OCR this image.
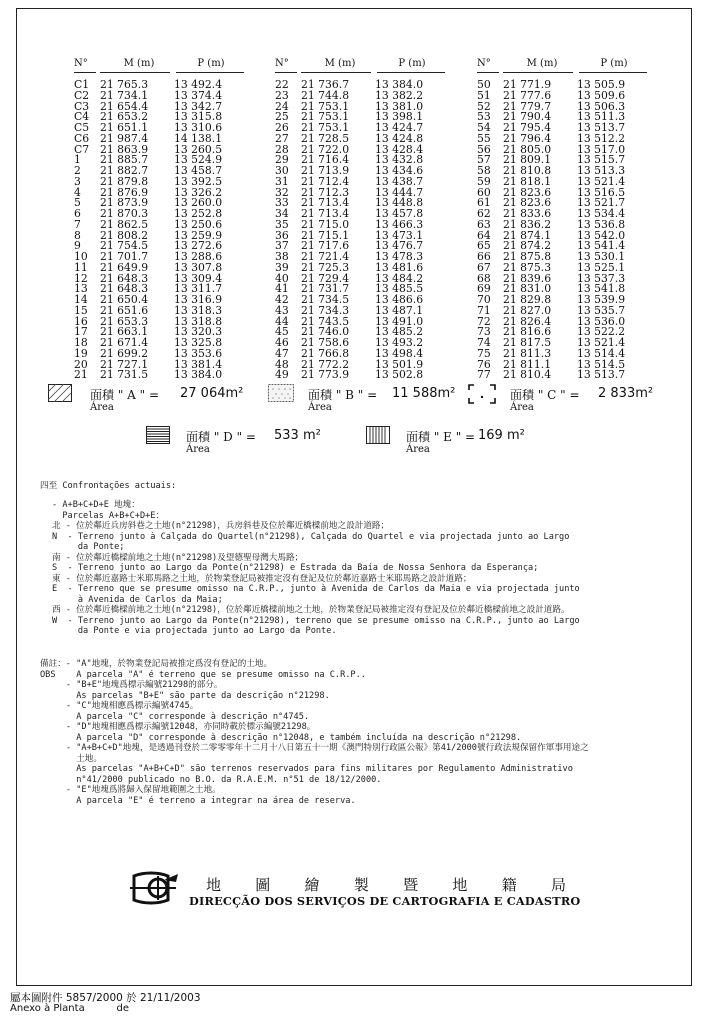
N°	M (m)	P (m)
C1	21 765.3	13 492.4
C2	21 734.1	13 374.4
C3	21 654.4	13 342.7
C4	21 653.2	13 315.8
C5	21 651.1	13 310.6
C6	21 987.4	14 138.1
C7	21 863.9	13 260.5
1	21 885.7	13 524.9
2	21 882.7	13 458.7
3	21 879.8	13 392.5
4	21 876.9	13 326.2
5	21 873.9	13 260.0
6	21 870.3	13 252.8
7	21 862.5	13 250.6
8	21 808.2	13 259.9
9	21 754.5	13 272.6
10	21 701.7	13 288.6
11	21 649.9	13 307.8
12	21 648.3	13 309.4
13	21 648.3	13 311.7
14	21 650.4	13 316.9
15	21 651.6	13 318.3
16	21 653.3	13 318.8
17	21 663.1	13 320.3
18	21 671.4	13 325.8
19	21 699.2	13 353.6
20	21 727.1	13 381.4
21	21 731.5	13 384.0
N°	M (m)	P (m)
22	21 736.7	13 384.0
23	21 744.8	13 382.2
24	21 753.1	13 381.0
25	21 753.1	13 398.1
26	21 753.1	13 424.7
27	21 728.5	13 424.8
28	21 722.0	13 428.4
29	21 716.4	13 432.8
30	21 713.9	13 434.6
31	21 712.4	13 438.7
32	21 712.3	13 444.7
33	21 713.4	13 448.8
34	21 713.4	13 457.8
35	21 715.0	13 466.3
36	21 715.1	13 473.1
37	21 717.6	13 476.7
38	21 721.4	13 478.3
39	21 725.3	13 481.6
40	21 729.4	13 484.2
41	21 731.7	13 485.5
42	21 734.5	13 486.6
43	21 734.3	13 487.1
44	21 743.5	13 491.0
45	21 746.0	13 485.2
46	21 758.6	13 493.2
47	21 766.8	13 498.4
48	21 772.2	13 501.9
49	21 773.9	13 502.8
N°	M (m)	P (m)
50	21 771.9	13 505.9
51	21 777.6	13 509.6
52	21 779.7	13 506.3
53	21 790.4	13 511.3
54	21 795.4	13 513.7
55	21 796.4	13 512.2
56	21 805.0	13 517.0
57	21 809.1	13 515.7
58	21 810.8	13 513.3
59	21 818.1	13 521.4
60	21 823.6	13 516.5
61	21 823.6	13 521.7
62	21 833.6	13 534.4
63	21 836.2	13 536.8
64	21 874.1	13 542.0
65	21 874.2	13 541.4
66	21 875.8	13 530.1
67	21 875.3	13 525.1
68	21 839.6	13 537.3
69	21 831.0	13 541.8
70	21 829.8	13 539.9
71	21 827.0	13 535.7
72	21 826.4	13 536.0
73	21 816.6	13 522.2
74	21 817.5	13 521.4
75	21 811.3	13 514.4
76	21 811.1	13 514.5
77	21 810.4	13 513.7
面積 " A " = 27 064m²
Área
面積 " B " = 11 588m²
Área
面積 " C " = 2 833m²
Área
面積 " D " = 533 m²
Área
面積 " E " = 169 m²
Área
四至 Confrontações actuais:
- A+B+C+D+E 地塊：
Parcelas A+B+C+D+E：
北 - 位於鄰近兵房斜巷之土地(n°21298)，兵房斜巷及位於鄰近橋樑前地之設計道路；
N  - Terreno junto à Calçada do Quartel(n°21298), Calçada do Quartel e via projectada junto ao Largo
da Ponte;
南 - 位於鄰近橋樑前地之土地(n°21298)及望德聖母灣大馬路；
S  - Terreno junto ao Largo da Ponte(n°21298) e Estrada da Baía de Nossa Senhora da Esperança;
東 - 位於鄰近嘉路士米耶馬路之土地，於物業登記局被推定沒有登記及位於鄰近嘉路士米耶馬路之設計道路；
E  - Terreno que se presume omisso na C.R.P., junto à Avenida de Carlos da Maia e via projectada junto
à Avenida de Carlos da Maia;
西 - 位於鄰近橋樑前地之土地(n°21298)，位於鄰近橋樑前地之土地，於物業登記局被推定沒有登記及位於鄰近橋樑前地之設計道路。
W  - Terreno junto ao Largo da Ponte(n°21298), terreno que se presume omisso na C.R.P., junto ao Largo
da Ponte e via projectada junto ao Largo da Ponte.
備註：- "A"地塊，於物業登記局被推定爲沒有登記的土地。
OBS    A parcela "A" é terreno que se presume omisso na C.R.P..
- "B+E"地塊爲標示編號21298的部分。
As parcelas "B+E" são parte da descrição n°21298.
- "C"地塊相應爲標示編號4745。
A parcela "C" corresponde à descrição n°4745.
- "D"地塊相應爲標示編號12048，亦同時載於標示編號21298。
A parcela "D" corresponde à descrição n°12048, e também incluída na descrição n°21298.
- "A+B+C+D"地塊，是透過刊登於二零零零年十二月十八日第五十一期《澳門特別行政區公報》第41/2000號行政法規保留作軍事用途之
土地。
As parcelas "A+B+C+D" são terrenos reservados para fins militares por Regulamento Administrativo
n°41/2000 publicado no B.O. da R.A.E.M. n°51 de 18/12/2000.
- "E"地塊爲將歸入保留地範圍之土地。
A parcela "E" é terreno a integrar na área de reserva.
地 圖 繪 製 暨 地 籍 局
DIRECÇÃO DOS SERVIÇOS DE CARTOGRAFIA E CADASTRO
屬本圖附件 5857/2000 於 21/11/2003
Anexo à Planta          de
